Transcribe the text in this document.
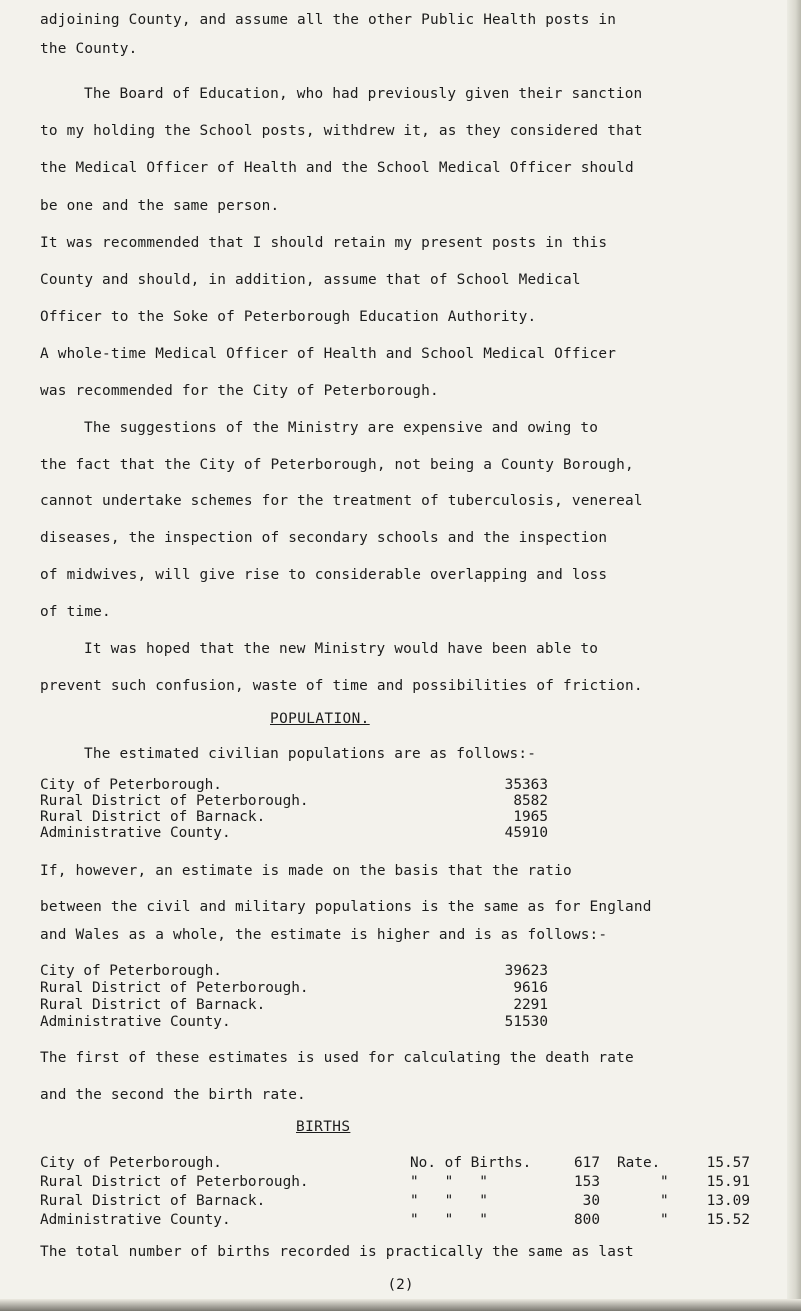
adjoining County, and assume all the other Public Health posts in
the County.
The Board of Education, who had previously given their sanction
to my holding the School posts, withdrew it, as they considered that
the Medical Officer of Health and the School Medical Officer should
be one and the same person.
It was recommended that I should retain my present posts in this
County and should, in addition, assume that of School Medical
Officer to the Soke of Peterborough Education Authority.
A whole-time Medical Officer of Health and School Medical Officer
was recommended for the City of Peterborough.
The suggestions of the Ministry are expensive and owing to
the fact that the City of Peterborough, not being a County Borough,
cannot undertake schemes for the treatment of tuberculosis, venereal
diseases, the inspection of secondary schools and the inspection
of midwives, will give rise to considerable overlapping and loss
of time.
It was hoped that the new Ministry would have been able to
prevent such confusion, waste of time and possibilities of friction.
POPULATION.
The estimated civilian populations are as follows:-
City of Peterborough.	35363
Rural District of Peterborough.	8582
Rural District of Barnack.	1965
Administrative County.	45910
If, however, an estimate is made on the basis that the ratio
between the civil and military populations is the same as for England
and Wales as a whole, the estimate is higher and is as follows:-
City of Peterborough.	39623
Rural District of Peterborough.	9616
Rural District of Barnack.	2291
Administrative County.	51530
The first of these estimates is used for calculating the death rate
and the second the birth rate.
BIRTHS
City of Peterborough.	No. of Births.	617 Rate.	15.57
Rural District of Peterborough.	"   "   "	153	"	15.91
Rural District of Barnack.	"   "   "	30	"	13.09
Administrative County.	"   "   "	800	"	15.52
The total number of births recorded is practically the same as last
(2)
